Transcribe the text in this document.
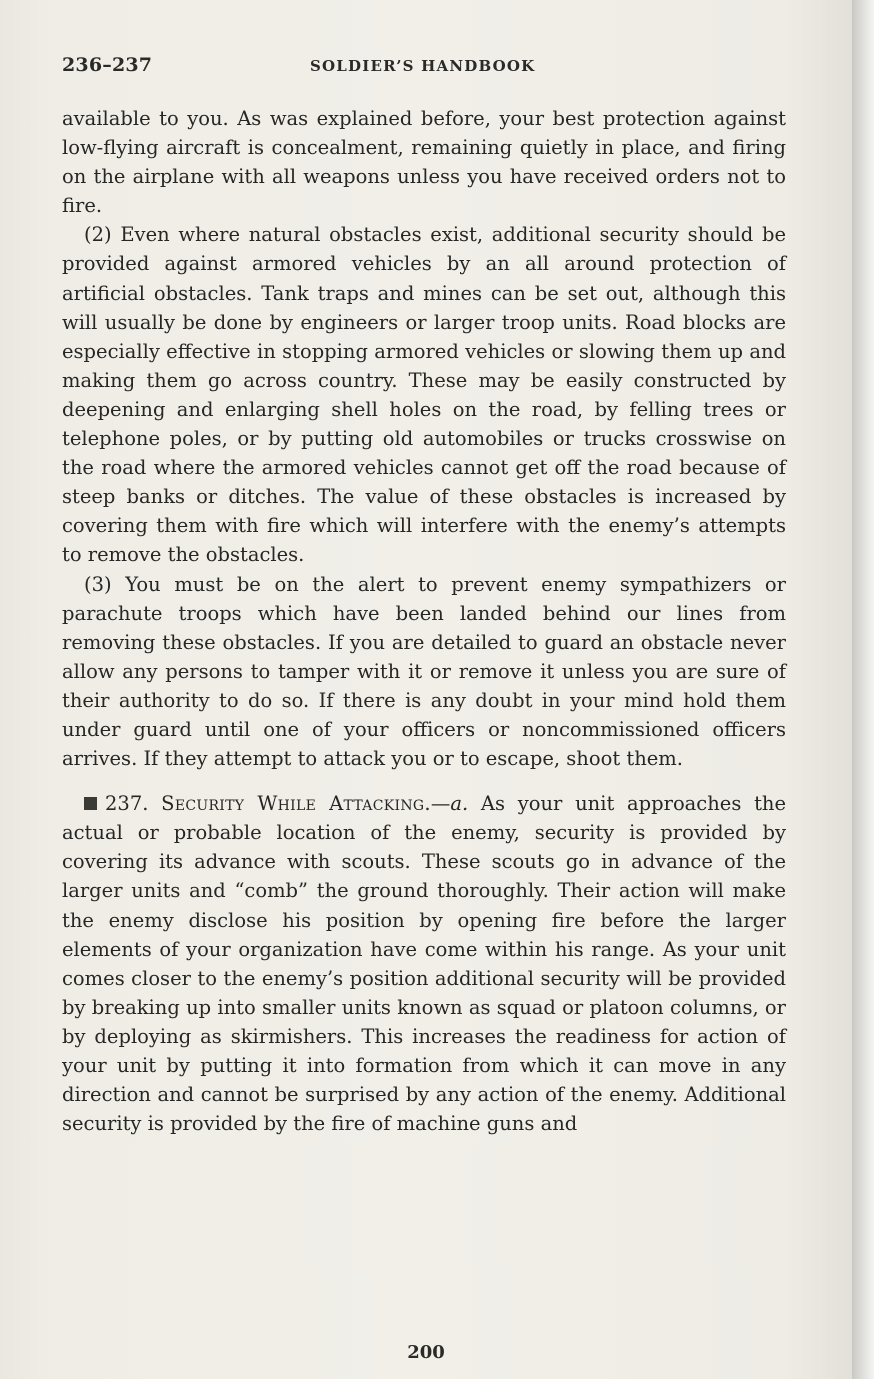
236–237	SOLDIER’S HANDBOOK

available to you. As was explained before, your best protection against low-flying aircraft is concealment, remaining quietly in place, and firing on the airplane with all weapons unless you have received orders not to fire.

(2) Even where natural obstacles exist, additional security should be provided against armored vehicles by an all around protection of artificial obstacles. Tank traps and mines can be set out, although this will usually be done by engineers or larger troop units. Road blocks are especially effective in stopping armored vehicles or slowing them up and making them go across country. These may be easily constructed by deepening and enlarging shell holes on the road, by felling trees or telephone poles, or by putting old automobiles or trucks crosswise on the road where the armored vehicles cannot get off the road because of steep banks or ditches. The value of these obstacles is increased by covering them with fire which will interfere with the enemy’s attempts to remove the obstacles.

(3) You must be on the alert to prevent enemy sympathizers or parachute troops which have been landed behind our lines from removing these obstacles. If you are detailed to guard an obstacle never allow any persons to tamper with it or remove it unless you are sure of their authority to do so. If there is any doubt in your mind hold them under guard until one of your officers or noncommissioned officers arrives. If they attempt to attack you or to escape, shoot them.

237. Security While Attacking.—a. As your unit approaches the actual or probable location of the enemy, security is provided by covering its advance with scouts. These scouts go in advance of the larger units and “comb” the ground thoroughly. Their action will make the enemy disclose his position by opening fire before the larger elements of your organization have come within his range. As your unit comes closer to the enemy’s position additional security will be provided by breaking up into smaller units known as squad or platoon columns, or by deploying as skirmishers. This increases the readiness for action of your unit by putting it into formation from which it can move in any direction and cannot be surprised by any action of the enemy. Additional security is provided by the fire of machine guns and

200
